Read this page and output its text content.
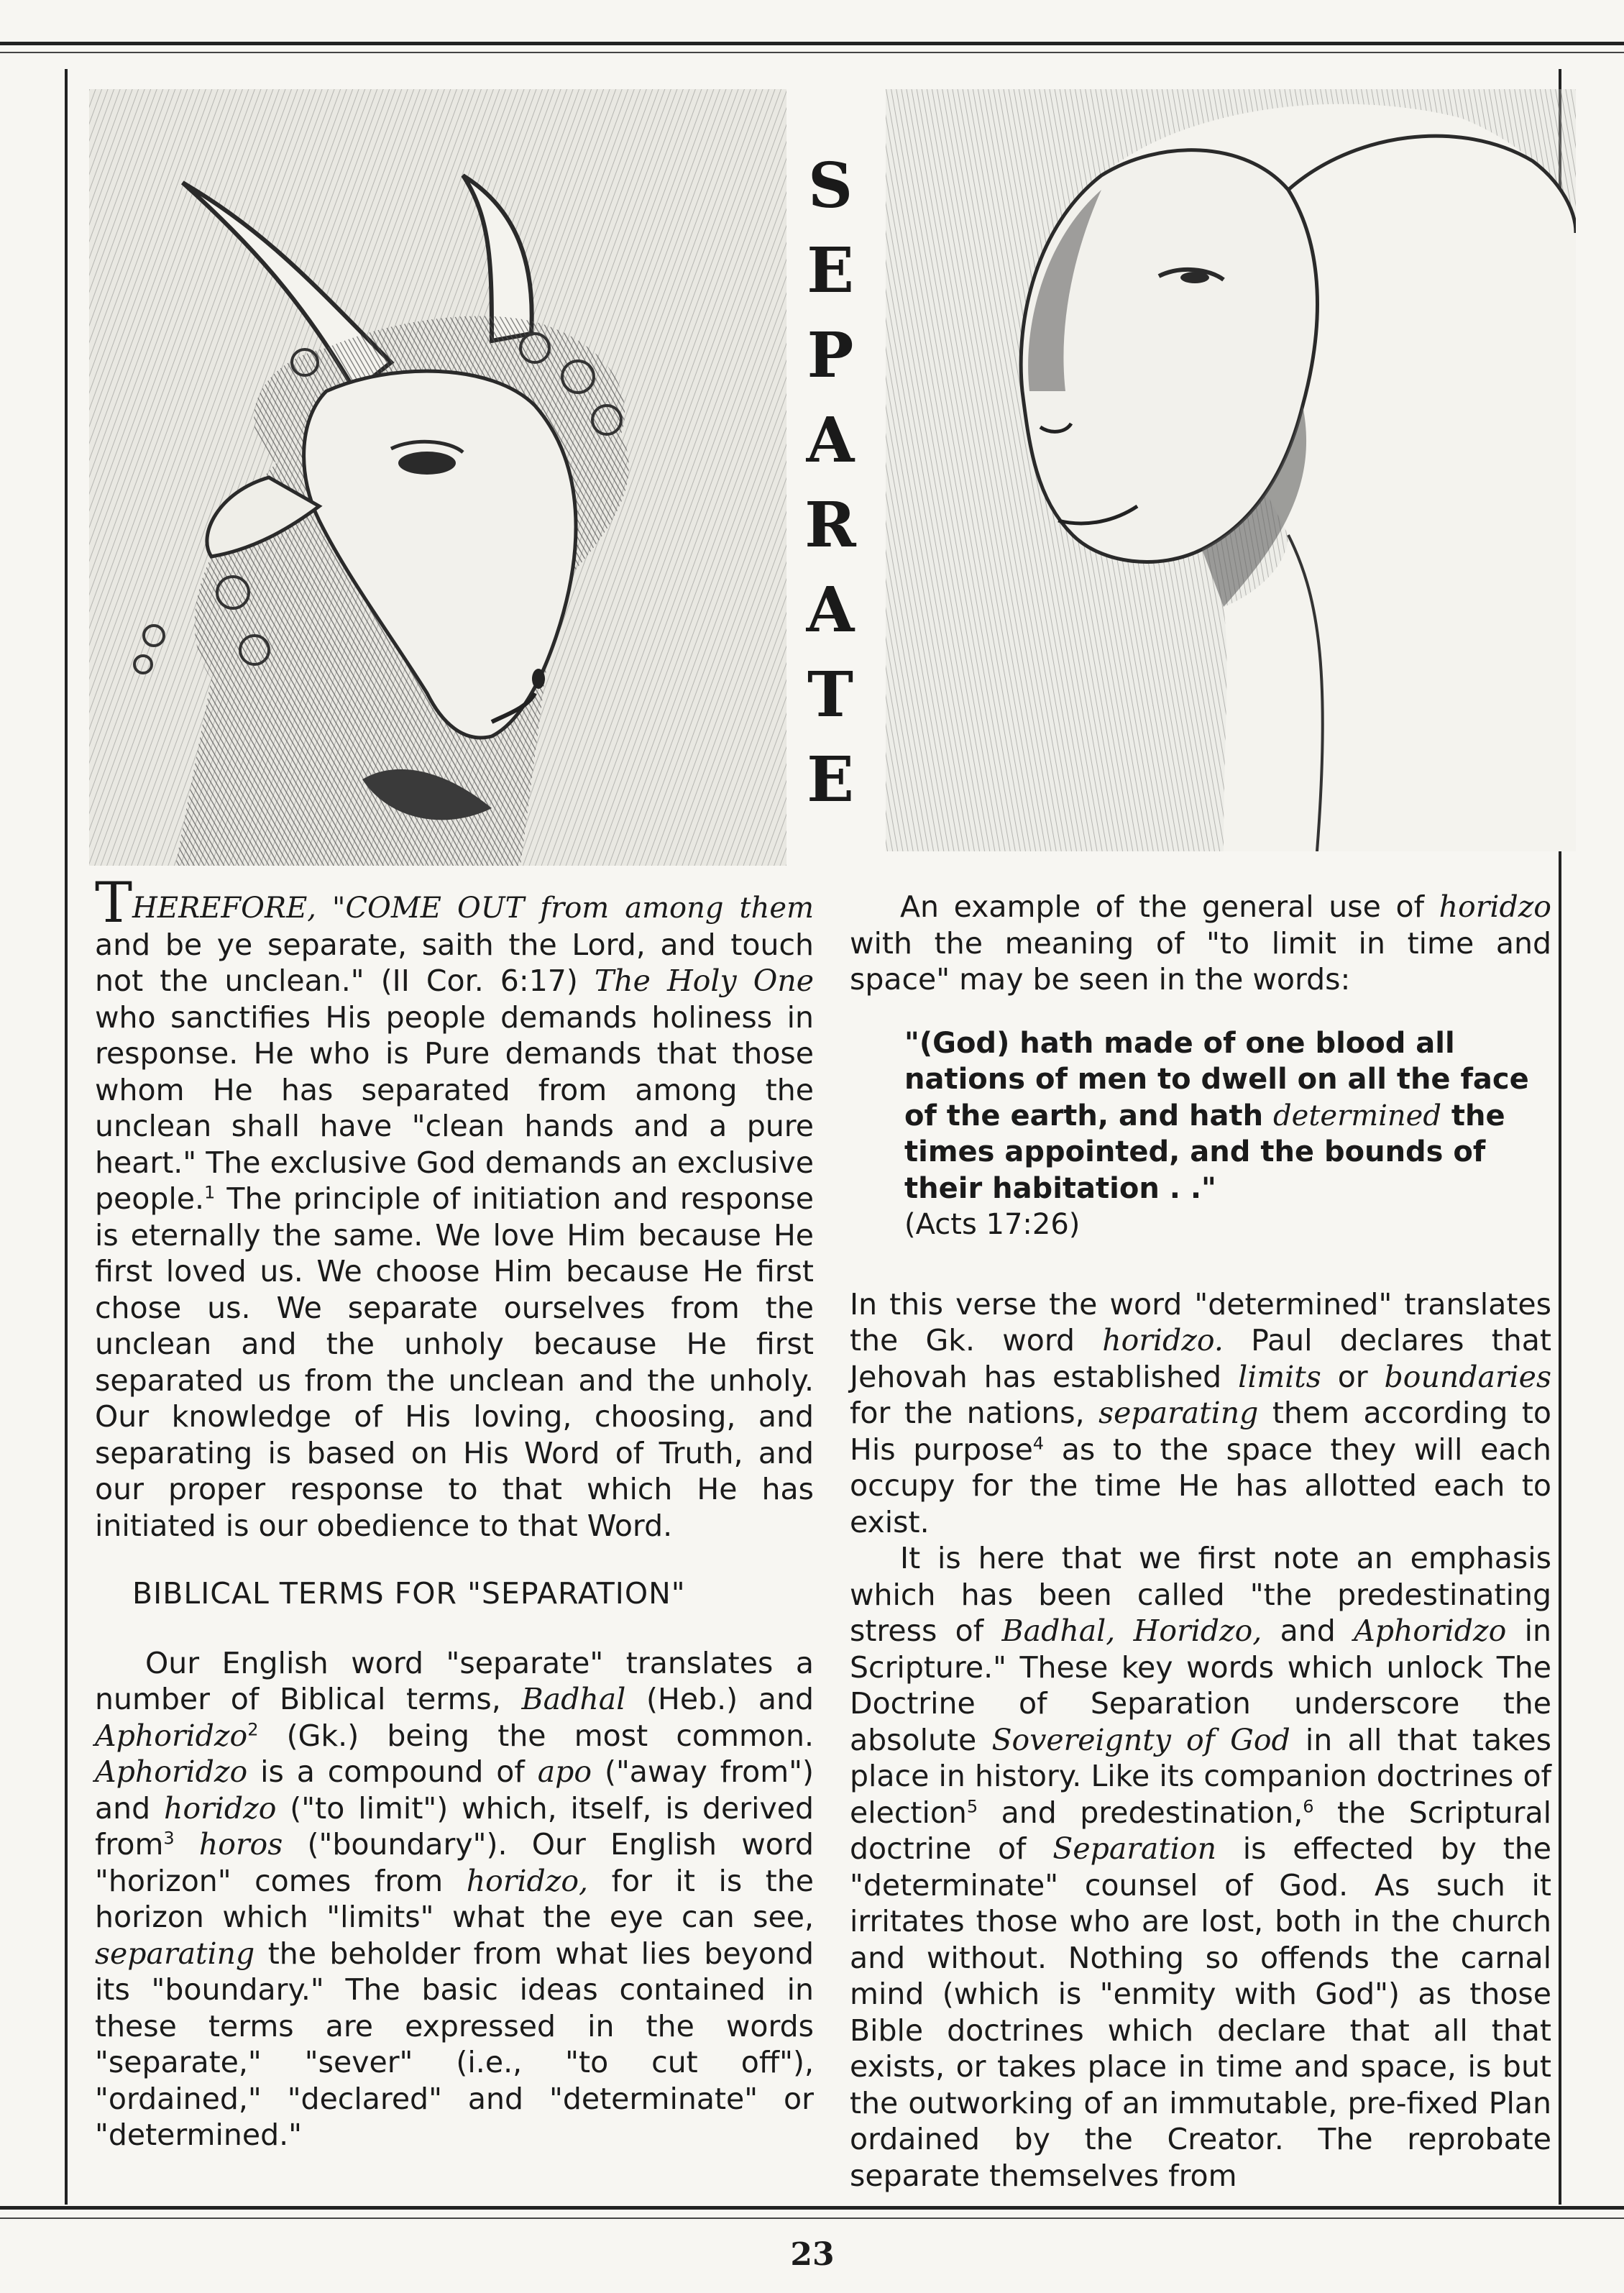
S
E
P
A
R
A
T
E

THEREFORE, "COME OUT from among them and be ye separate, saith the Lord, and touch not the unclean." (II Cor. 6:17) The Holy One who sanctifies His people demands holiness in response. He who is Pure demands that those whom He has separated from among the unclean shall have "clean hands and a pure heart." The exclusive God demands an exclusive people.$^1$ The principle of initiation and response is eternally the same. We love Him because He first loved us. We choose Him because He first chose us. We separate ourselves from the unclean and the unholy because He first separated us from the unclean and the unholy. Our knowledge of His loving, choosing, and separating is based on His Word of Truth, and our proper response to that which He has initiated is our obedience to that Word.

BIBLICAL TERMS FOR "SEPARATION"

Our English word "separate" translates a number of Biblical terms, Badhal (Heb.) and Aphoridzo$^2$ (Gk.) being the most common. Aphoridzo is a compound of apo ("away from") and horidzo ("to limit") which, itself, is derived from$^3$ horos ("boundary"). Our English word "horizon" comes from horidzo, for it is the horizon which "limits" what the eye can see, separating the beholder from what lies beyond its "boundary." The basic ideas contained in these terms are expressed in the words "separate," "sever" (i.e., "to cut off"), "ordained," "declared" and "determinate" or "determined."

An example of the general use of horidzo with the meaning of "to limit in time and space" may be seen in the words:

"(God) hath made of one blood all nations of men to dwell on all the face of the earth, and hath determined the times appointed, and the bounds of their habitation . ."
(Acts 17:26)

In this verse the word "determined" translates the Gk. word horidzo. Paul declares that Jehovah has established limits or boundaries for the nations, separating them according to His purpose$^4$ as to the space they will each occupy for the time He has allotted each to exist.

It is here that we first note an emphasis which has been called "the predestinating stress of Badhal, Horidzo, and Aphoridzo in Scripture." These key words which unlock The Doctrine of Separation underscore the absolute Sovereignty of God in all that takes place in history. Like its companion doctrines of election$^5$ and predestination,$^6$ the Scriptural doctrine of Separation is effected by the "determinate" counsel of God. As such it irritates those who are lost, both in the church and without. Nothing so offends the carnal mind (which is "enmity with God") as those Bible doctrines which declare that all that exists, or takes place in time and space, is but the outworking of an immutable, pre-fixed Plan ordained by the Creator. The reprobate separate themselves from

23
